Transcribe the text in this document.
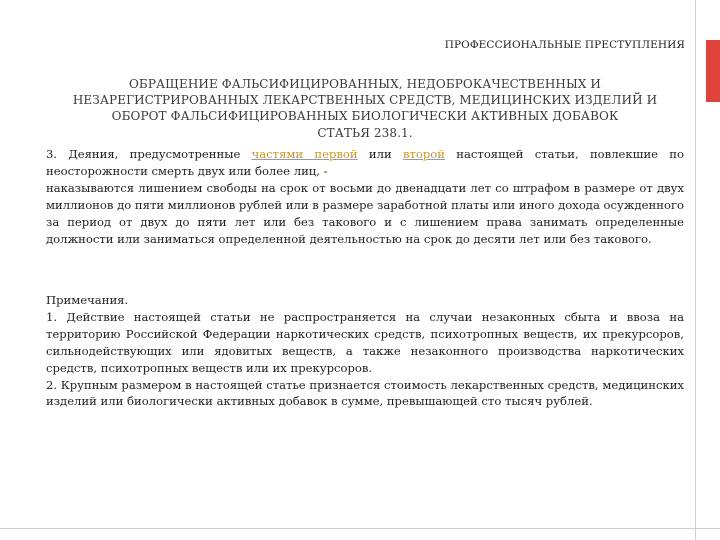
ПРОФЕССИОНАЛЬНЫЕ ПРЕСТУПЛЕНИЯ
ОБРАЩЕНИЕ ФАЛЬСИФИЦИРОВАННЫХ, НЕДОБРОКАЧЕСТВЕННЫХ И
НЕЗАРЕГИСТРИРОВАННЫХ ЛЕКАРСТВЕННЫХ СРЕДСТВ, МЕДИЦИНСКИХ ИЗДЕЛИЙ И
ОБОРОТ ФАЛЬСИФИЦИРОВАННЫХ БИОЛОГИЧЕСКИ АКТИВНЫХ ДОБАВОК
СТАТЬЯ 238.1.

3. Деяния, предусмотренные частями первой или второй настоящей статьи, повлекшие по неосторожности смерть двух или более лиц, -

наказываются лишением свободы на срок от восьми до двенадцати лет со штрафом в размере от двух миллионов до пяти миллионов рублей или в размере заработной платы или иного дохода осужденного за период от двух до пяти лет или без такового и с лишением права занимать определенные должности или заниматься определенной деятельностью на срок до десяти лет или без такового.

Примечания.

1. Действие настоящей статьи не распространяется на случаи незаконных сбыта и ввоза на территорию Российской Федерации наркотических средств, психотропных веществ, их прекурсоров, сильнодействующих или ядовитых веществ, а также незаконного производства наркотических средств, психотропных веществ или их прекурсоров.

2. Крупным размером в настоящей статье признается стоимость лекарственных средств, медицинских изделий или биологически активных добавок в сумме, превышающей сто тысяч рублей.
